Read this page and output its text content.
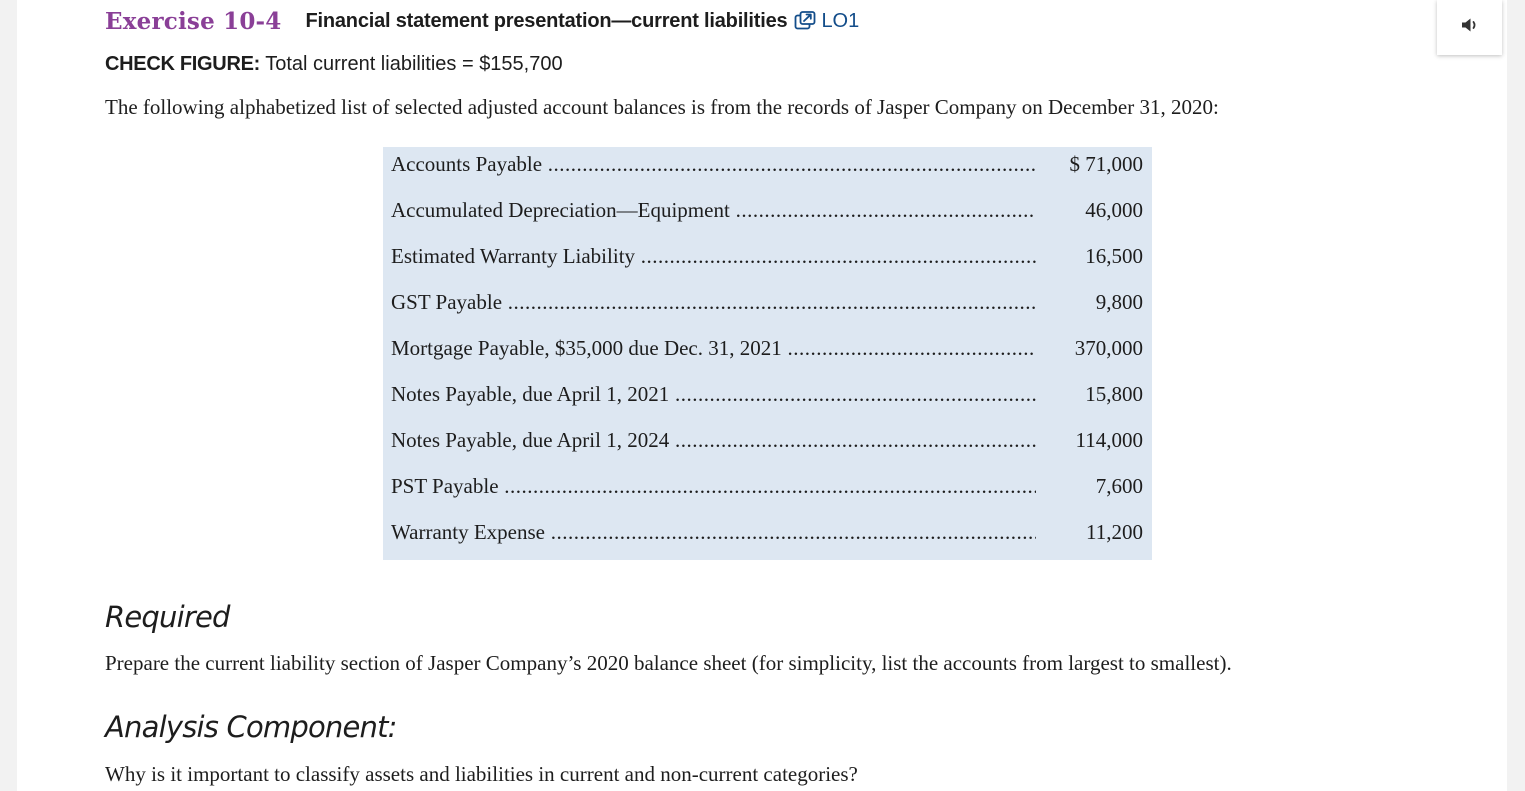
Exercise 10-4 Financial statement presentation—current liabilities LO1
CHECK FIGURE: Total current liabilities = $155,700
The following alphabetized list of selected adjusted account balances is from the records of Jasper Company on December 31, 2020:
Accounts Payable .....	$ 71,000
Accumulated Depreciation—Equipment .....	46,000
Estimated Warranty Liability .....	16,500
GST Payable .....	9,800
Mortgage Payable, $35,000 due Dec. 31, 2021 .....	370,000
Notes Payable, due April 1, 2021 .....	15,800
Notes Payable, due April 1, 2024 .....	114,000
PST Payable .....	7,600
Warranty Expense .....	11,200
Required
Prepare the current liability section of Jasper Company’s 2020 balance sheet (for simplicity, list the accounts from largest to smallest).
Analysis Component:
Why is it important to classify assets and liabilities in current and non-current categories?
